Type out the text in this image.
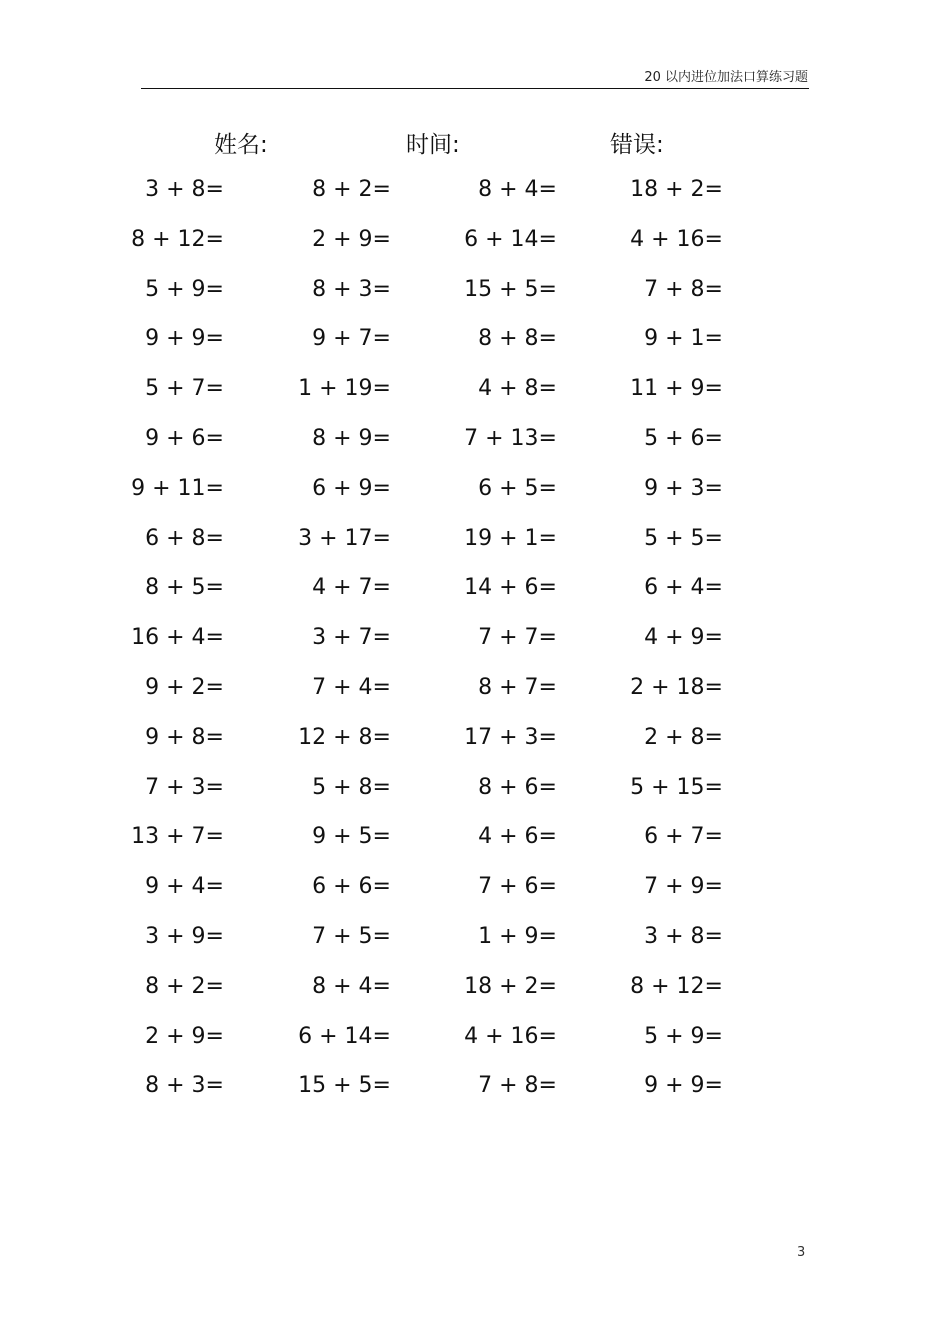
20 以内进位加法口算练习题
姓名:	时间:	错误:
3 + 8=	8 + 2=	8 + 4=	18 + 2=
8 + 12=	2 + 9=	6 + 14=	4 + 16=
5 + 9=	8 + 3=	15 + 5=	7 + 8=
9 + 9=	9 + 7=	8 + 8=	9 + 1=
5 + 7=	1 + 19=	4 + 8=	11 + 9=
9 + 6=	8 + 9=	7 + 13=	5 + 6=
9 + 11=	6 + 9=	6 + 5=	9 + 3=
6 + 8=	3 + 17=	19 + 1=	5 + 5=
8 + 5=	4 + 7=	14 + 6=	6 + 4=
16 + 4=	3 + 7=	7 + 7=	4 + 9=
9 + 2=	7 + 4=	8 + 7=	2 + 18=
9 + 8=	12 + 8=	17 + 3=	2 + 8=
7 + 3=	5 + 8=	8 + 6=	5 + 15=
13 + 7=	9 + 5=	4 + 6=	6 + 7=
9 + 4=	6 + 6=	7 + 6=	7 + 9=
3 + 9=	7 + 5=	1 + 9=	3 + 8=
8 + 2=	8 + 4=	18 + 2=	8 + 12=
2 + 9=	6 + 14=	4 + 16=	5 + 9=
8 + 3=	15 + 5=	7 + 8=	9 + 9=
3
